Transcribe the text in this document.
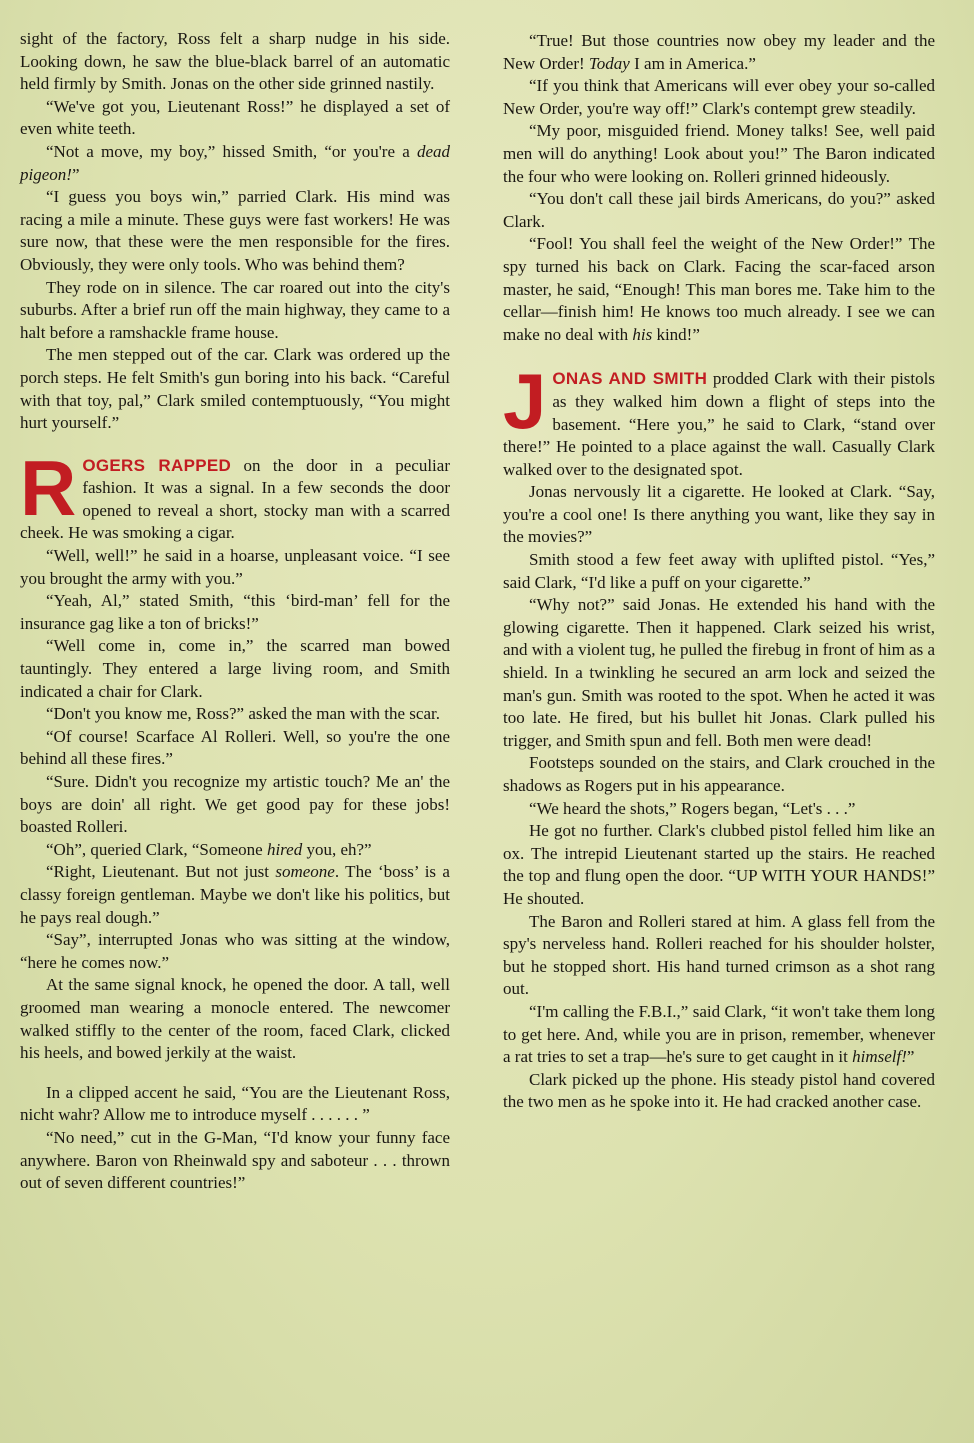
sight of the factory, Ross felt a sharp nudge in his side. Looking down, he saw the blue-black barrel of an automatic held firmly by Smith. Jonas on the other side grinned nastily.

“We've got you, Lieutenant Ross!” he displayed a set of even white teeth.

“Not a move, my boy,” hissed Smith, “or you're a dead pigeon!”

“I guess you boys win,” parried Clark. His mind was racing a mile a minute. These guys were fast workers! He was sure now, that these were the men responsible for the fires. Obviously, they were only tools. Who was behind them?

They rode on in silence. The car roared out into the city's suburbs. After a brief run off the main highway, they came to a halt before a ramshackle frame house.

The men stepped out of the car. Clark was ordered up the porch steps. He felt Smith's gun boring into his back. “Careful with that toy, pal,” Clark smiled contemptuously, “You might hurt yourself.”

R OGERS RAPPED on the door in a peculiar fashion. It was a signal. In a few seconds the door opened to reveal a short, stocky man with a scarred cheek. He was smoking a cigar.

“Well, well!” he said in a hoarse, unpleasant voice. “I see you brought the army with you.”

“Yeah, Al,” stated Smith, “this ‘bird-man’ fell for the insurance gag like a ton of bricks!”

“Well come in, come in,” the scarred man bowed tauntingly. They entered a large living room, and Smith indicated a chair for Clark.

“Don't you know me, Ross?” asked the man with the scar.

“Of course! Scarface Al Rolleri. Well, so you're the one behind all these fires.”

“Sure. Didn't you recognize my artistic touch? Me an' the boys are doin' all right. We get good pay for these jobs! boasted Rolleri.

“Oh”, queried Clark, “Someone hired you, eh?”

“Right, Lieutenant. But not just someone. The ‘boss’ is a classy foreign gentleman. Maybe we don't like his politics, but he pays real dough.”

“Say”, interrupted Jonas who was sitting at the window, “here he comes now.”

At the same signal knock, he opened the door. A tall, well groomed man wearing a monocle entered. The newcomer walked stiffly to the center of the room, faced Clark, clicked his heels, and bowed jerkily at the waist.

In a clipped accent he said, “You are the Lieutenant Ross, nicht wahr? Allow me to introduce myself . . . . . . ”

“No need,” cut in the G-Man, “I'd know your funny face anywhere. Baron von Rheinwald spy and saboteur . . . thrown out of seven different countries!”

“True! But those countries now obey my leader and the New Order! Today I am in America.”

“If you think that Americans will ever obey your so-called New Order, you're way off!” Clark's contempt grew steadily.

“My poor, misguided friend. Money talks! See, well paid men will do anything! Look about you!” The Baron indicated the four who were looking on. Rolleri grinned hideously.

“You don't call these jail birds Americans, do you?” asked Clark.

“Fool! You shall feel the weight of the New Order!” The spy turned his back on Clark. Facing the scar-faced arson master, he said, “Enough! This man bores me. Take him to the cellar—finish him! He knows too much already. I see we can make no deal with his kind!”

J ONAS AND SMITH prodded Clark with their pistols as they walked him down a flight of steps into the basement. “Here you,” he said to Clark, “stand over there!” He pointed to a place against the wall. Casually Clark walked over to the designated spot.

Jonas nervously lit a cigarette. He looked at Clark. “Say, you're a cool one! Is there anything you want, like they say in the movies?”

Smith stood a few feet away with uplifted pistol. “Yes,” said Clark, “I'd like a puff on your cigarette.”

“Why not?” said Jonas. He extended his hand with the glowing cigarette. Then it happened. Clark seized his wrist, and with a violent tug, he pulled the firebug in front of him as a shield. In a twinkling he secured an arm lock and seized the man's gun. Smith was rooted to the spot. When he acted it was too late. He fired, but his bullet hit Jonas. Clark pulled his trigger, and Smith spun and fell. Both men were dead!

Footsteps sounded on the stairs, and Clark crouched in the shadows as Rogers put in his appearance.

“We heard the shots,” Rogers began, “Let's . . .”

He got no further. Clark's clubbed pistol felled him like an ox. The intrepid Lieutenant started up the stairs. He reached the top and flung open the door. “UP WITH YOUR HANDS!” He shouted.

The Baron and Rolleri stared at him. A glass fell from the spy's nerveless hand. Rolleri reached for his shoulder holster, but he stopped short. His hand turned crimson as a shot rang out.

“I'm calling the F.B.I.,” said Clark, “it won't take them long to get here. And, while you are in prison, remember, whenever a rat tries to set a trap—he's sure to get caught in it himself!”

Clark picked up the phone. His steady pistol hand covered the two men as he spoke into it. He had cracked another case.
